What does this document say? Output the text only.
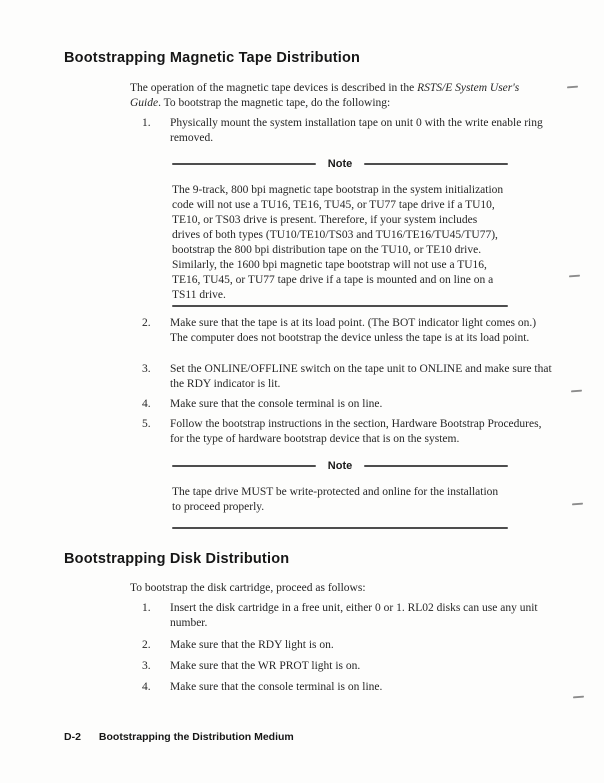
Bootstrapping Magnetic Tape Distribution

The operation of the magnetic tape devices is described in the RSTS/E System User's Guide. To bootstrap the magnetic tape, do the following:

1.	Physically mount the system installation tape on unit 0 with the write enable ring removed.
Note

The 9-track, 800 bpi magnetic tape bootstrap in the system initialization code will not use a TU16, TE16, TU45, or TU77 tape drive if a TU10, TE10, or TS03 drive is present. Therefore, if your system includes drives of both types (TU10/TE10/TS03 and TU16/TE16/TU45/TU77), bootstrap the 800 bpi distribution tape on the TU10, or TE10 drive. Similarly, the 1600 bpi magnetic tape bootstrap will not use a TU16, TE16, TU45, or TU77 tape drive if a tape is mounted and on line on a TS11 drive.

2.	Make sure that the tape is at its load point. (The BOT indicator light comes on.) The computer does not bootstrap the device unless the tape is at its load point.
3.	Set the ONLINE/OFFLINE switch on the tape unit to ONLINE and make sure that the RDY indicator is lit.
4.	Make sure that the console terminal is on line.
5.	Follow the bootstrap instructions in the section, Hardware Bootstrap Procedures, for the type of hardware bootstrap device that is on the system.
Note

The tape drive MUST be write-protected and online for the installation to proceed properly.

Bootstrapping Disk Distribution

To bootstrap the disk cartridge, proceed as follows:

1.	Insert the disk cartridge in a free unit, either 0 or 1. RL02 disks can use any unit number.
2.	Make sure that the RDY light is on.
3.	Make sure that the WR PROT light is on.
4.	Make sure that the console terminal is on line.
D-2 Bootstrapping the Distribution Medium
